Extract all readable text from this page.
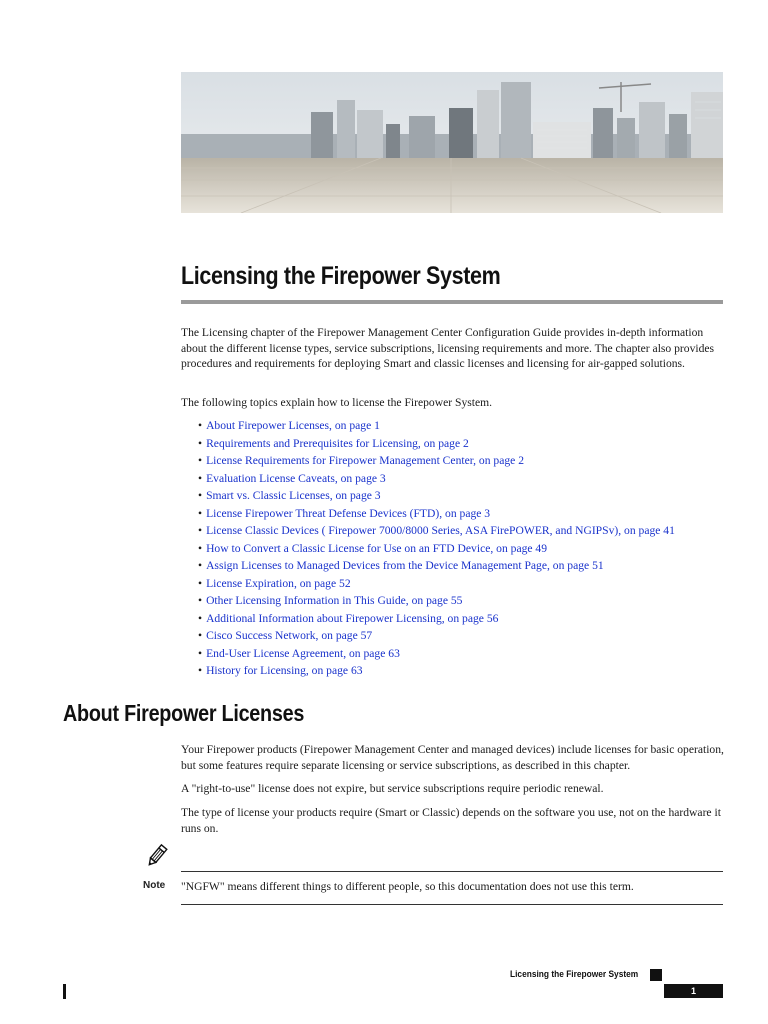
Licensing the Firepower System

The Licensing chapter of the Firepower Management Center Configuration Guide provides in-depth information about the different license types, service subscriptions, licensing requirements and more. The chapter also provides procedures and requirements for deploying Smart and classic licenses and licensing for air-gapped solutions.

The following topics explain how to license the Firepower System.

• About Firepower Licenses, on page 1
• Requirements and Prerequisites for Licensing, on page 2
• License Requirements for Firepower Management Center, on page 2
• Evaluation License Caveats, on page 3
• Smart vs. Classic Licenses, on page 3
• License Firepower Threat Defense Devices (FTD), on page 3
• License Classic Devices ( Firepower 7000/8000 Series, ASA FirePOWER, and NGIPSv), on page 41
• How to Convert a Classic License for Use on an FTD Device, on page 49
• Assign Licenses to Managed Devices from the Device Management Page, on page 51
• License Expiration, on page 52
• Other Licensing Information in This Guide, on page 55
• Additional Information about Firepower Licensing, on page 56
• Cisco Success Network, on page 57
• End-User License Agreement, on page 63
• History for Licensing, on page 63
About Firepower Licenses

Your Firepower products (Firepower Management Center and managed devices) include licenses for basic operation, but some features require separate licensing or service subscriptions, as described in this chapter.

A "right-to-use" license does not expire, but service subscriptions require periodic renewal.

The type of license your products require (Smart or Classic) depends on the software you use, not on the hardware it runs on.

Note "NGFW" means different things to different people, so this documentation does not use this term.

Licensing the Firepower System
1
